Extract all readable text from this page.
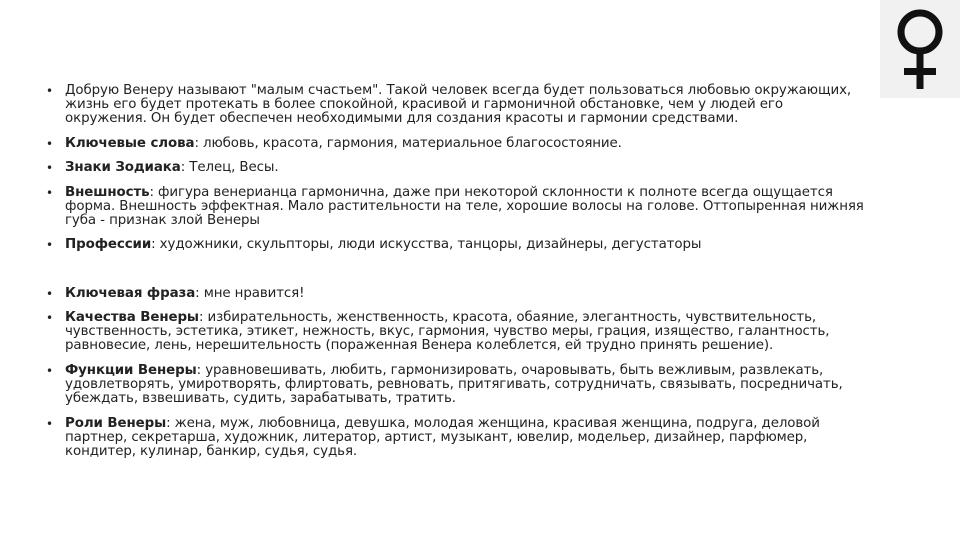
• Добрую Венеру называют "малым счастьем". Такой человек всегда будет пользоваться любовью окружающих, жизнь его будет протекать в более спокойной, красивой и гармоничной обстановке, чем у людей его окружения. Он будет обеспечен необходимыми для создания красоты и гармонии средствами.
• Ключевые слова: любовь, красота, гармония, материальное благосостояние.
• Знаки Зодиака: Телец, Весы.
• Внешность: фигура венерианца гармонична, даже при некоторой склонности к полноте всегда ощущается форма. Внешность эффектная. Мало растительности на теле, хорошие волосы на голове. Оттопыренная нижняя губа - признак злой Венеры
• Профессии: художники, скульпторы, люди искусства, танцоры, дизайнеры, дегустаторы
• Ключевая фраза: мне нравится!
• Качества Венеры: избирательность, женственность, красота, обаяние, элегантность, чувствительность, чувственность, эстетика, этикет, нежность, вкус, гармония, чувство меры, грация, изящество, галантность, равновесие, лень, нерешительность (пораженная Венера колеблется, ей трудно принять решение).
• Функции Венеры: уравновешивать, любить, гармонизировать, очаровывать, быть вежливым, развлекать, удовлетворять, умиротворять, флиртовать, ревновать, притягивать, сотрудничать, связывать, посредничать, убеждать, взвешивать, судить, зарабатывать, тратить.
• Роли Венеры: жена, муж, любовница, девушка, молодая женщина, красивая женщина, подруга, деловой партнер, секретарша, художник, литератор, артист, музыкант, ювелир, модельер, дизайнер, парфюмер, кондитер, кулинар, банкир, судья, судья.
